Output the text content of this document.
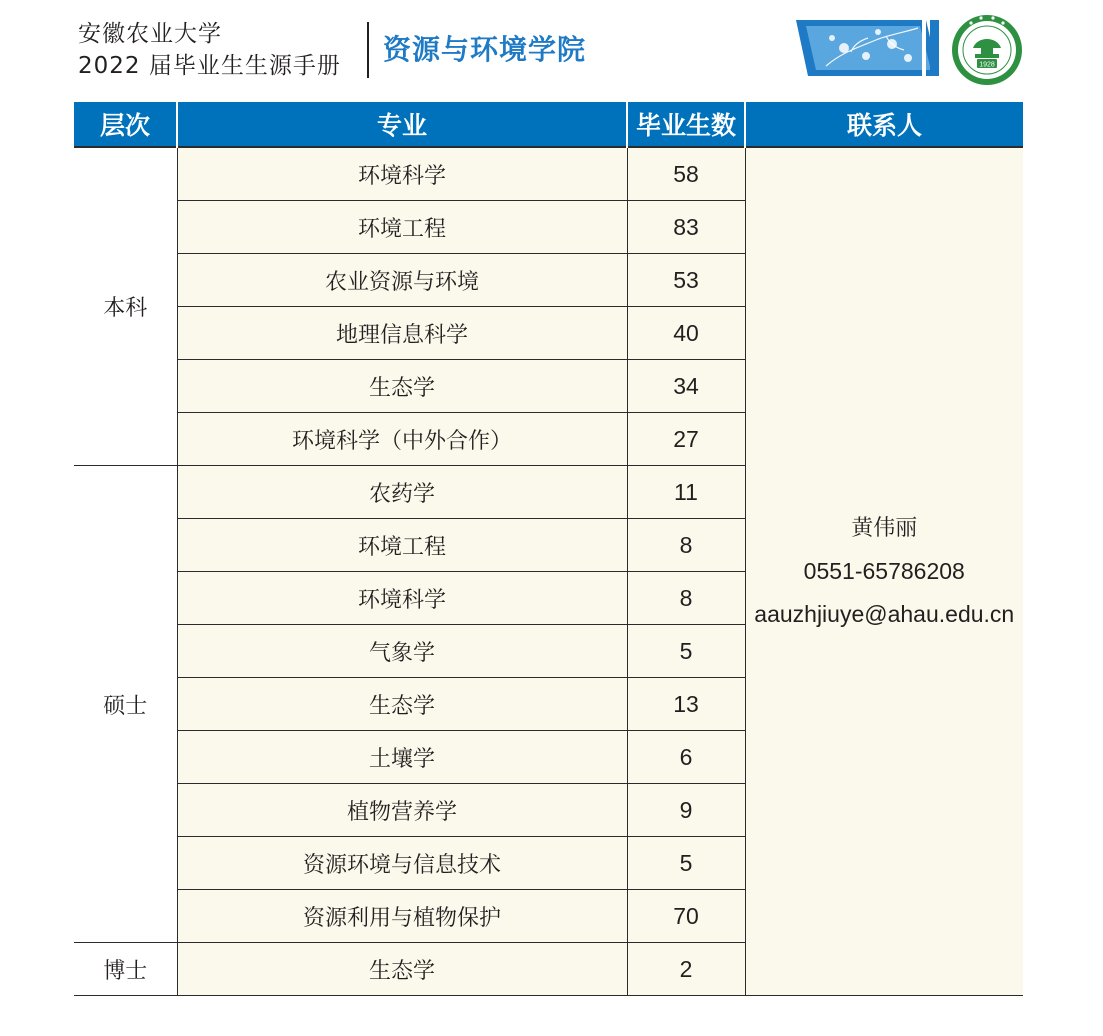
安徽农业大学
2022 届毕业生生源手册 资源与环境学院	1928
层次	专业	毕业生数	联系人
本科	环境科学	58	黄伟丽
0551-65786208
aauzhjiuye@ahau.edu.cn

	环境工程	83	
	农业资源与环境	53	
	地理信息科学	40	
	生态学	34	
	环境科学（中外合作）	27	
硕士	农药学	11	
	环境工程	8	
	环境科学	8	
	气象学	5	
	生态学	13	
	土壤学	6	
	植物营养学	9	
	资源环境与信息技术	5	
	资源利用与植物保护	70	
博士	生态学	2	
